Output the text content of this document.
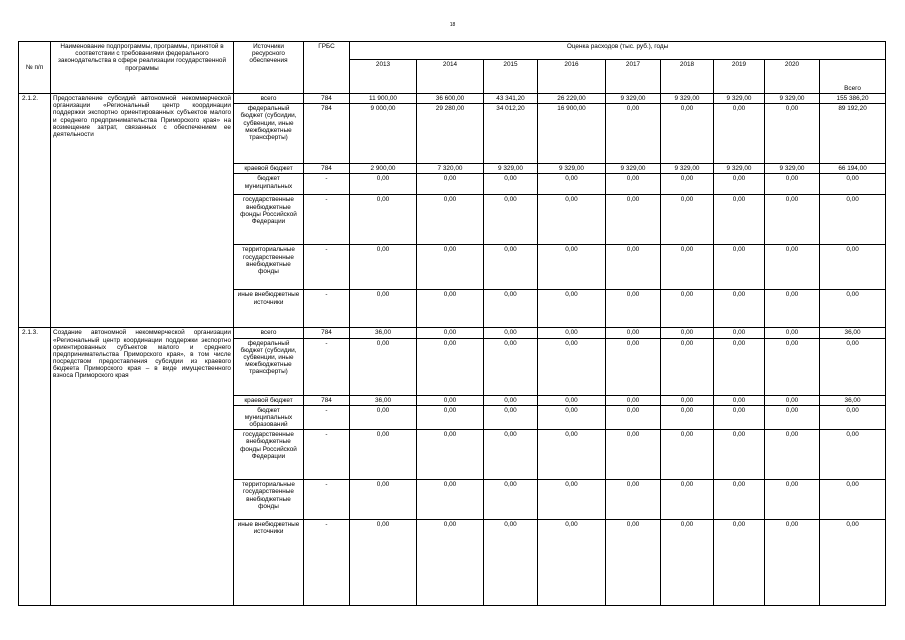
18
№ п/п	Наименование подпрограммы, программы, принятой в соответствии с требованиями федерального законодательства в сфере реализации государственной программы	Источники ресурсного обеспечения	ГРБС	Оценка расходов (тыс. руб.), годы								
				2013	2014	2015	2016	2017	2018	2019	2020	Всего
2.1.2.	Предоставление субсидий автономной некоммерческой организации «Региональный центр координации поддержки экспортно ориентированных субъектов малого и среднего предпринимательства Приморского края» на возмещение затрат, связанных с обеспечением ее деятельности	всего	784	11 900,00	36 600,00	43 341,20	26 229,00	9 329,00	9 329,00	9 329,00	9 329,00	155 386,20
		федеральный бюджет (субсидии, субвенции, иные межбюджетные трансферты)	784	9 000,00	29 280,00	34 012,20	16 900,00	0,00	0,00	0,00	0,00	89 192,20
		краевой бюджет	784	2 900,00	7 320,00	9 329,00	9 329,00	9 329,00	9 329,00	9 329,00	9 329,00	66 194,00
		бюджет муниципальных	-	0,00	0,00	0,00	0,00	0,00	0,00	0,00	0,00	0,00
		государственные внебюджетные фонды Российской Федерации	-	0,00	0,00	0,00	0,00	0,00	0,00	0,00	0,00	0,00
		территориальные государственные внебюджетные фонды	-	0,00	0,00	0,00	0,00	0,00	0,00	0,00	0,00	0,00
		иные внебюджетные источники	-	0,00	0,00	0,00	0,00	0,00	0,00	0,00	0,00	0,00
2.1.3.	Создание автономной некоммерческой организации «Региональный центр координации поддержки экспортно ориентированных субъектов малого и среднего предпринимательства Приморского края», в том числе посредством предоставления субсидии из краевого бюджета Приморского края – в виде имущественного взноса Приморского края	всего	784	36,00	0,00	0,00	0,00	0,00	0,00	0,00	0,00	36,00
		федеральный бюджет (субсидии, субвенции, иные межбюджетные трансферты)	-	0,00	0,00	0,00	0,00	0,00	0,00	0,00	0,00	0,00
		краевой бюджет	784	36,00	0,00	0,00	0,00	0,00	0,00	0,00	0,00	36,00
		бюджет муниципальных образований	-	0,00	0,00	0,00	0,00	0,00	0,00	0,00	0,00	0,00
		государственные внебюджетные фонды Российской Федерации	-	0,00	0,00	0,00	0,00	0,00	0,00	0,00	0,00	0,00
		территориальные государственные внебюджетные фонды	-	0,00	0,00	0,00	0,00	0,00	0,00	0,00	0,00	0,00
		иные внебюджетные источники	-	0,00	0,00	0,00	0,00	0,00	0,00	0,00	0,00	0,00
